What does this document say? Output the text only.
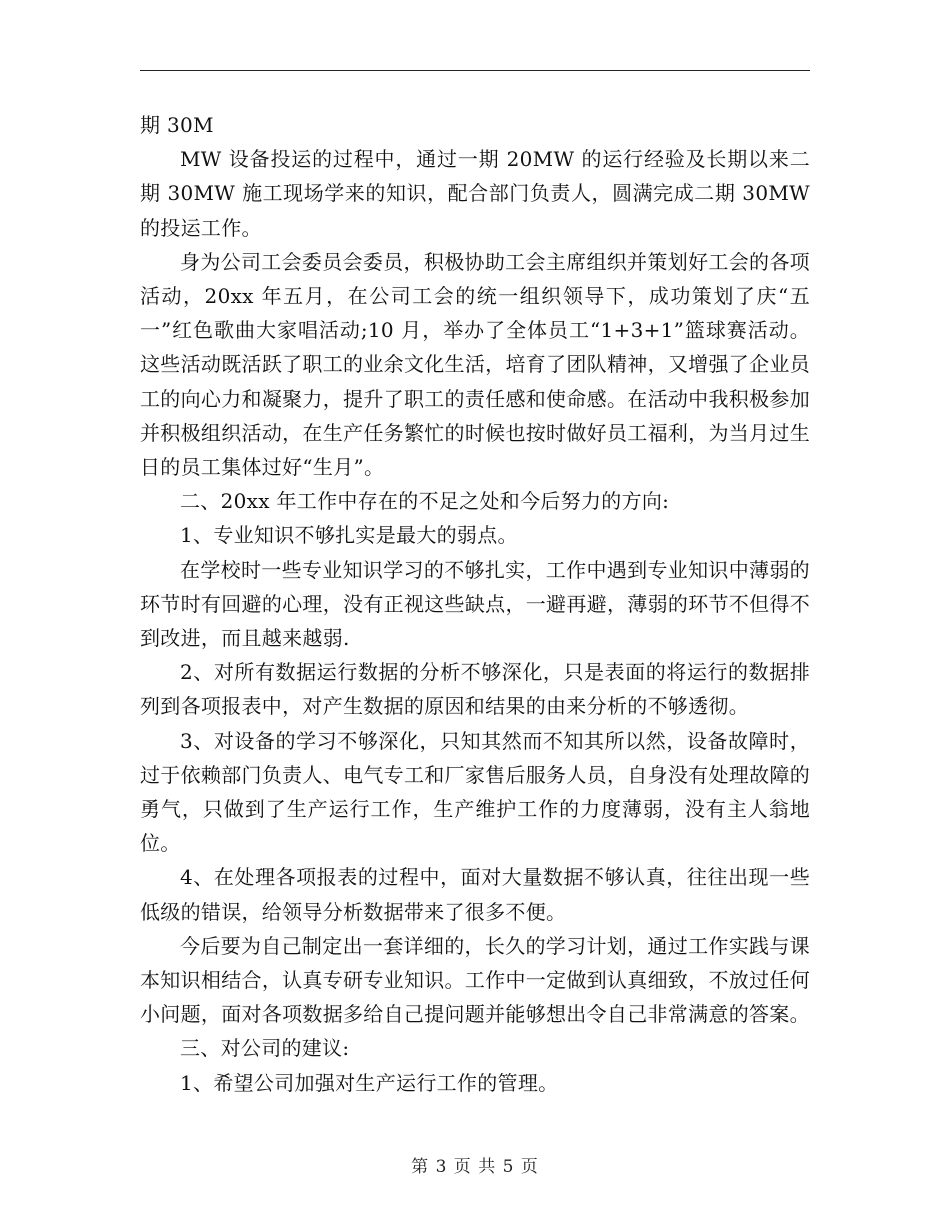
期 30M

MW 设备投运的过程中，通过一期 20MW 的运行经验及长期以来二期 30MW 施工现场学来的知识，配合部门负责人，圆满完成二期 30MW 的投运工作。

身为公司工会委员会委员，积极协助工会主席组织并策划好工会的各项活动，20xx 年五月，在公司工会的统一组织领导下，成功策划了庆“五一”红色歌曲大家唱活动;10 月，举办了全体员工“1+3+1”篮球赛活动。这些活动既活跃了职工的业余文化生活，培育了团队精神，又增强了企业员工的向心力和凝聚力，提升了职工的责任感和使命感。在活动中我积极参加并积极组织活动，在生产任务繁忙的时候也按时做好员工福利，为当月过生日的员工集体过好“生月”。

二、20xx 年工作中存在的不足之处和今后努力的方向:

1、专业知识不够扎实是最大的弱点。

在学校时一些专业知识学习的不够扎实，工作中遇到专业知识中薄弱的环节时有回避的心理，没有正视这些缺点，一避再避，薄弱的环节不但得不到改进，而且越来越弱.

2、对所有数据运行数据的分析不够深化，只是表面的将运行的数据排列到各项报表中，对产生数据的原因和结果的由来分析的不够透彻。

3、对设备的学习不够深化，只知其然而不知其所以然，设备故障时，过于依赖部门负责人、电气专工和厂家售后服务人员，自身没有处理故障的勇气，只做到了生产运行工作，生产维护工作的力度薄弱，没有主人翁地位。

4、在处理各项报表的过程中，面对大量数据不够认真，往往出现一些低级的错误，给领导分析数据带来了很多不便。

今后要为自己制定出一套详细的，长久的学习计划，通过工作实践与课本知识相结合，认真专研专业知识。工作中一定做到认真细致，不放过任何小问题，面对各项数据多给自己提问题并能够想出令自己非常满意的答案。

三、对公司的建议:

1、希望公司加强对生产运行工作的管理。

第 3 页 共 5 页
